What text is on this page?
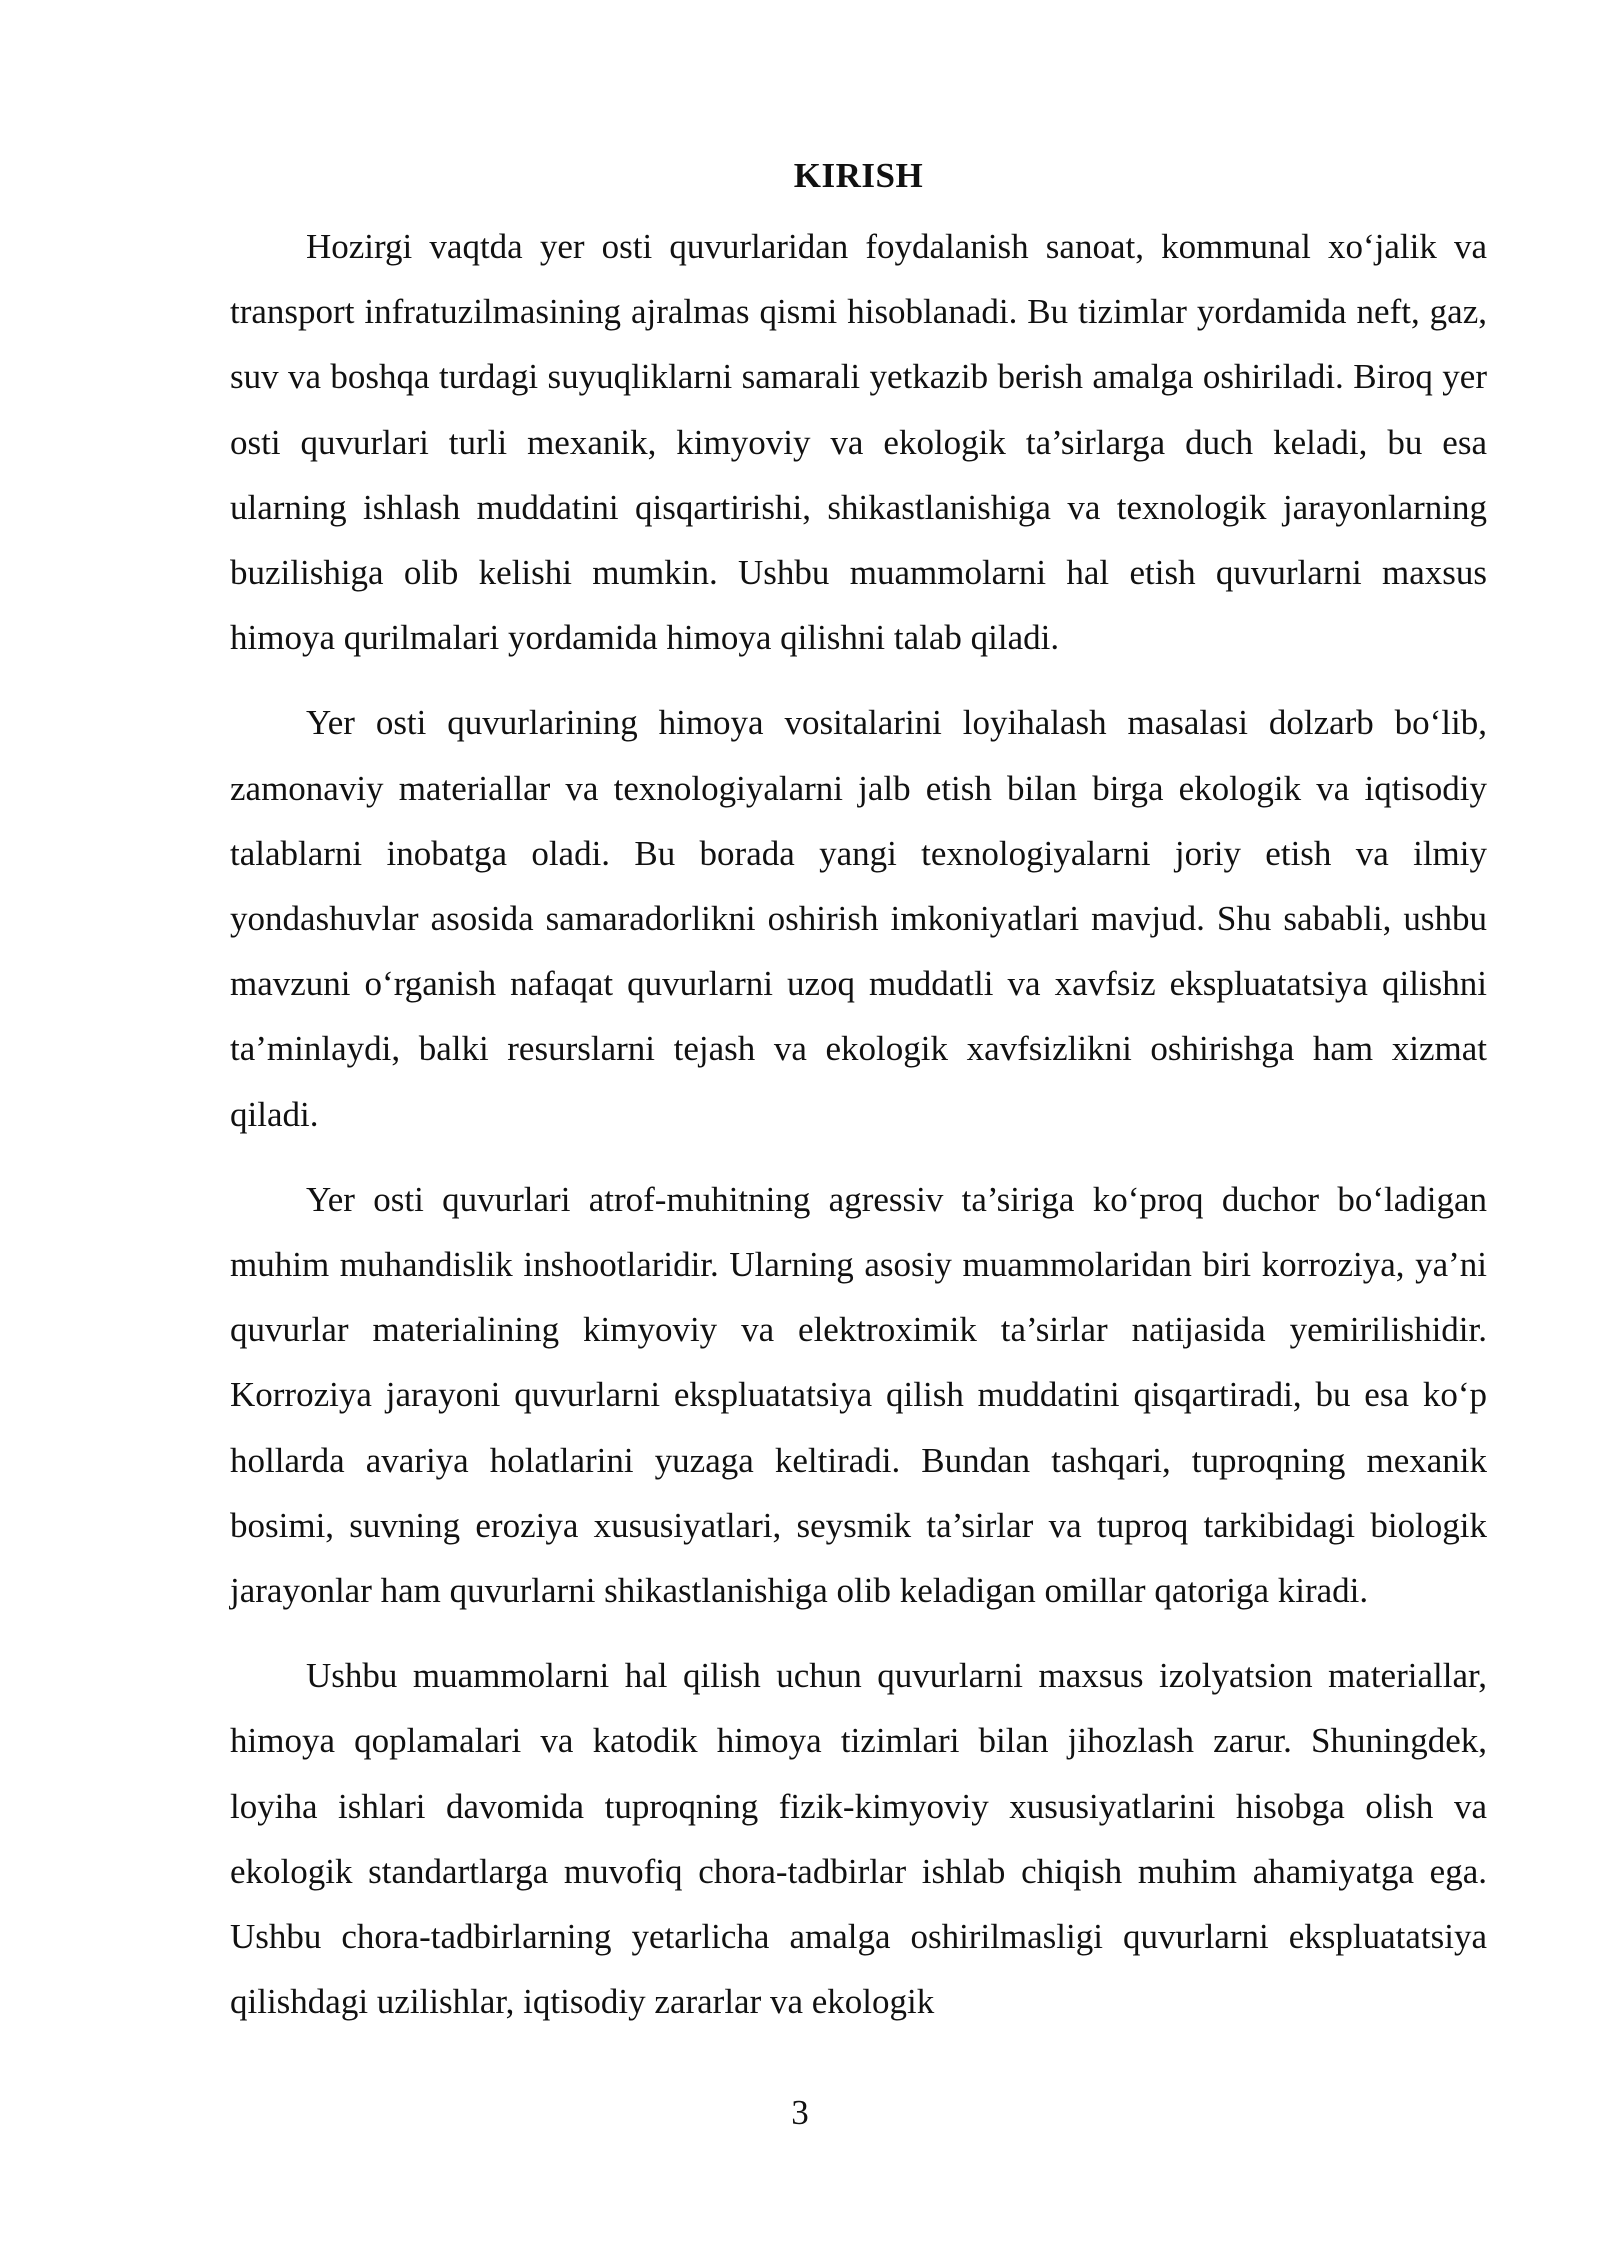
KIRISH

Hozirgi vaqtda yer osti quvurlaridan foydalanish sanoat, kommunal xo‘jalik va transport infratuzilmasining ajralmas qismi hisoblanadi. Bu tizimlar yordamida neft, gaz, suv va boshqa turdagi suyuqliklarni samarali yetkazib berish amalga oshiriladi. Biroq yer osti quvurlari turli mexanik, kimyoviy va ekologik ta’sirlarga duch keladi, bu esa ularning ishlash muddatini qisqartirishi, shikastlanishiga va texnologik jarayonlarning buzilishiga olib kelishi mumkin. Ushbu muammolarni hal etish quvurlarni maxsus himoya qurilmalari yordamida himoya qilishni talab qiladi.

Yer osti quvurlarining himoya vositalarini loyihalash masalasi dolzarb bo‘lib, zamonaviy materiallar va texnologiyalarni jalb etish bilan birga ekologik va iqtisodiy talablarni inobatga oladi. Bu borada yangi texnologiyalarni joriy etish va ilmiy yondashuvlar asosida samaradorlikni oshirish imkoniyatlari mavjud. Shu sababli, ushbu mavzuni o‘rganish nafaqat quvurlarni uzoq muddatli va xavfsiz ekspluatatsiya qilishni ta’minlaydi, balki resurslarni tejash va ekologik xavfsizlikni oshirishga ham xizmat qiladi.

Yer osti quvurlari atrof-muhitning agressiv ta’siriga ko‘proq duchor bo‘ladigan muhim muhandislik inshootlaridir. Ularning asosiy muammolaridan biri korroziya, ya’ni quvurlar materialining kimyoviy va elektroximik ta’sirlar natijasida yemirilishidir. Korroziya jarayoni quvurlarni ekspluatatsiya qilish muddatini qisqartiradi, bu esa ko‘p hollarda avariya holatlarini yuzaga keltiradi. Bundan tashqari, tuproqning mexanik bosimi, suvning eroziya xususiyatlari, seysmik ta’sirlar va tuproq tarkibidagi biologik jarayonlar ham quvurlarni shikastlanishiga olib keladigan omillar qatoriga kiradi.

Ushbu muammolarni hal qilish uchun quvurlarni maxsus izolyatsion materiallar, himoya qoplamalari va katodik himoya tizimlari bilan jihozlash zarur. Shuningdek, loyiha ishlari davomida tuproqning fizik-kimyoviy xususiyatlarini hisobga olish va ekologik standartlarga muvofiq chora-tadbirlar ishlab chiqish muhim ahamiyatga ega. Ushbu chora-tadbirlarning yetarlicha amalga oshirilmasligi quvurlarni ekspluatatsiya qilishdagi uzilishlar, iqtisodiy zararlar va ekologik

3
